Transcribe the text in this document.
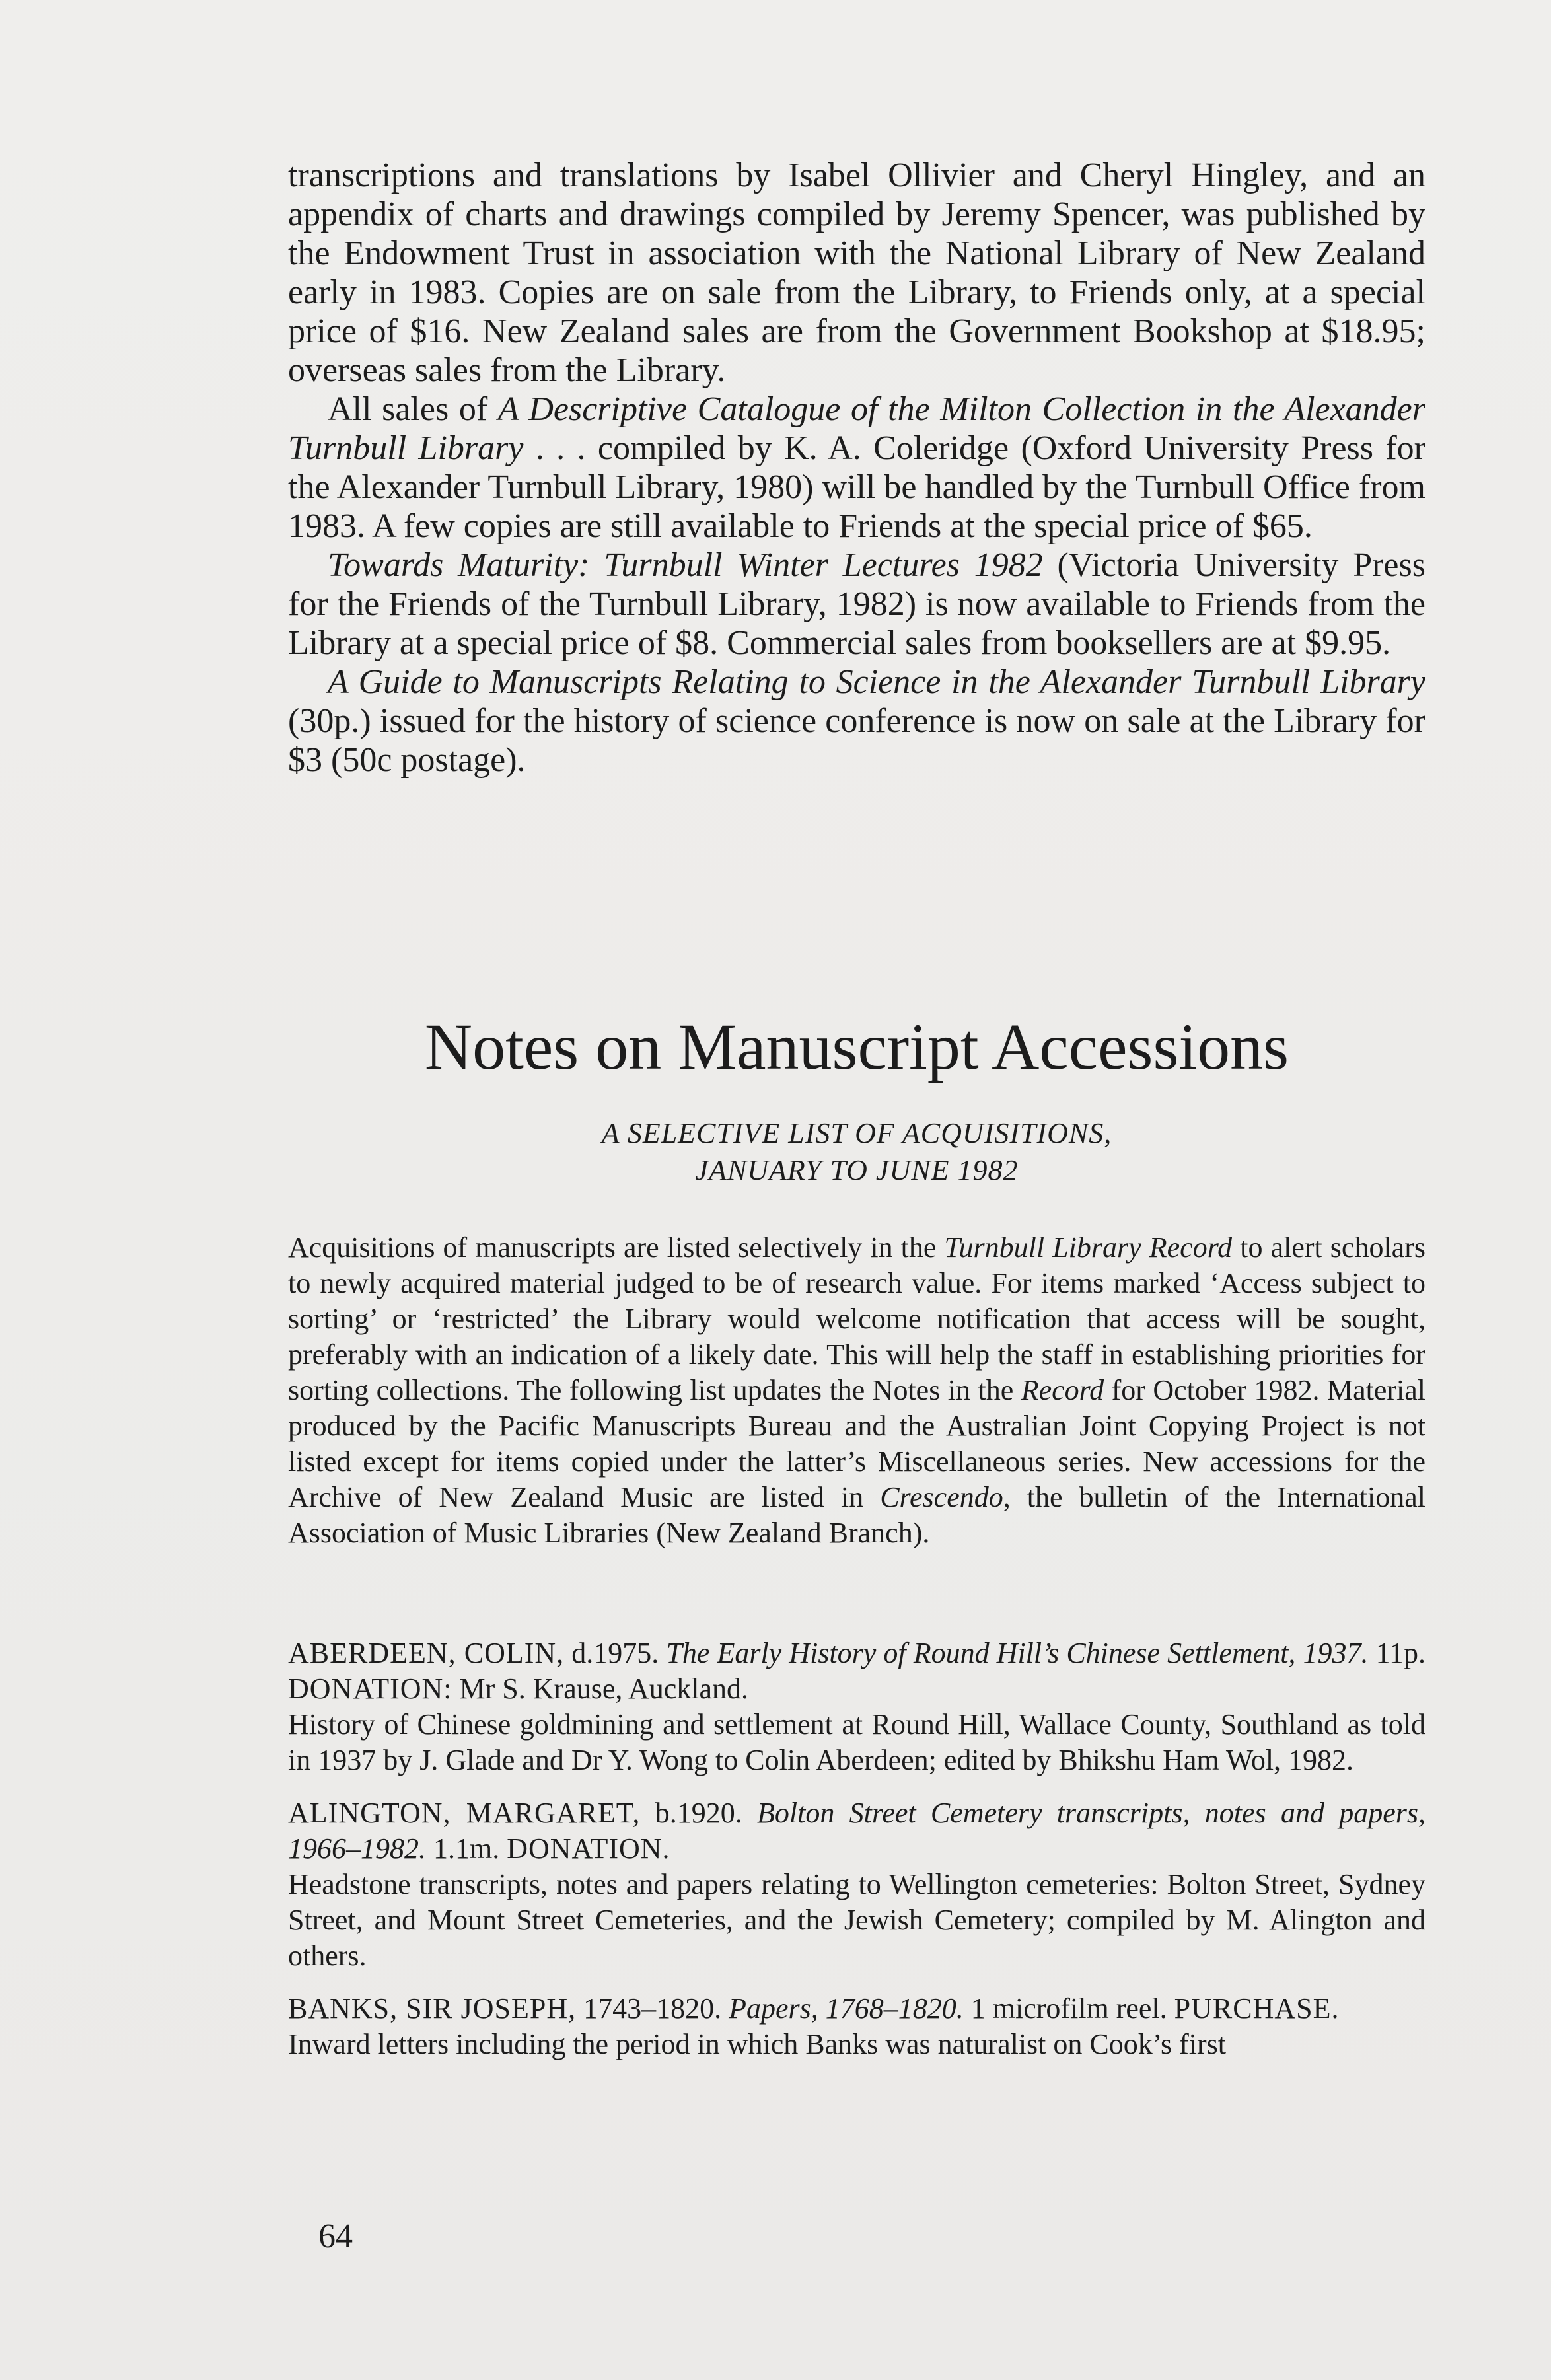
transcriptions and translations by Isabel Ollivier and Cheryl Hingley, and an appendix of charts and drawings compiled by Jeremy Spencer, was published by the Endowment Trust in association with the National Library of New Zealand early in 1983. Copies are on sale from the Library, to Friends only, at a special price of $16. New Zealand sales are from the Government Bookshop at $18.95; overseas sales from the Library.

All sales of A Descriptive Catalogue of the Milton Collection in the Alexander Turnbull Library . . . compiled by K. A. Coleridge (Oxford University Press for the Alexander Turnbull Library, 1980) will be handled by the Turnbull Office from 1983. A few copies are still available to Friends at the special price of $65.

Towards Maturity: Turnbull Winter Lectures 1982 (Victoria University Press for the Friends of the Turnbull Library, 1982) is now available to Friends from the Library at a special price of $8. Commercial sales from booksellers are at $9.95.

A Guide to Manuscripts Relating to Science in the Alexander Turnbull Library (30p.) issued for the history of science conference is now on sale at the Library for $3 (50c postage).

Notes on Manuscript Accessions
A SELECTIVE LIST OF ACQUISITIONS,
JANUARY TO JUNE 1982

Acquisitions of manuscripts are listed selectively in the Turnbull Library Record to alert scholars to newly acquired material judged to be of research value. For items marked ‘Access subject to sorting’ or ‘restricted’ the Library would welcome notification that access will be sought, preferably with an indication of a likely date. This will help the staff in establishing priorities for sorting collections. The following list updates the Notes in the Record for October 1982. Material produced by the Pacific Manuscripts Bureau and the Australian Joint Copying Project is not listed except for items copied under the latter’s Miscellaneous series. New accessions for the Archive of New Zealand Music are listed in Crescendo, the bulletin of the International Association of Music Libraries (New Zealand Branch).

ABERDEEN, COLIN, d.1975. The Early History of Round Hill’s Chinese Settlement, 1937. 11p. DONATION: Mr S. Krause, Auckland.

History of Chinese goldmining and settlement at Round Hill, Wallace County, Southland as told in 1937 by J. Glade and Dr Y. Wong to Colin Aberdeen; edited by Bhikshu Ham Wol, 1982.

ALINGTON, MARGARET, b.1920. Bolton Street Cemetery transcripts, notes and papers, 1966–1982. 1.1m. DONATION.

Headstone transcripts, notes and papers relating to Wellington cemeteries: Bolton Street, Sydney Street, and Mount Street Cemeteries, and the Jewish Cemetery; compiled by M. Alington and others.

BANKS, SIR JOSEPH, 1743–1820. Papers, 1768–1820. 1 microfilm reel. PURCHASE.

Inward letters including the period in which Banks was naturalist on Cook’s first

64
